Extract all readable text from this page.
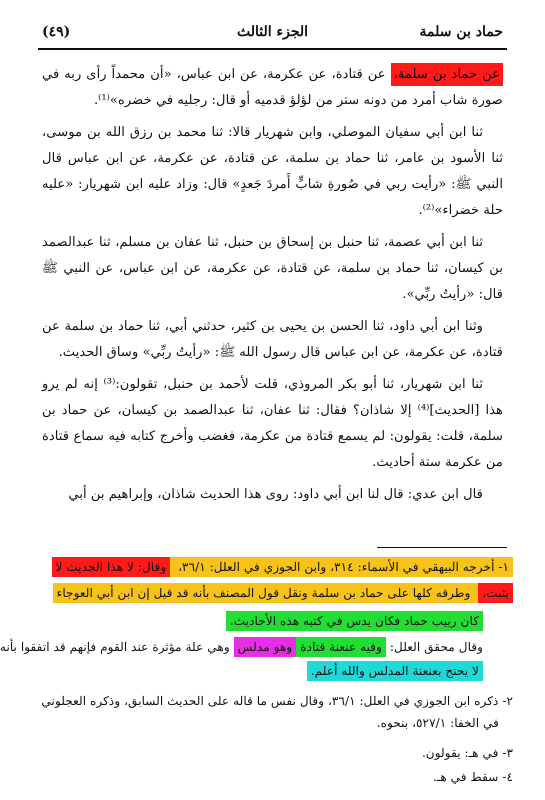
حماد بن سلمة
الجزء الثالث
(٤٩)

عن حماد بن سلمة، عن قتادة، عن عكرمة، عن ابن عباس، «أن محمداً رأى ربه في صورة شاب أمرد من دونه ستر من لؤلؤ قدميه أو قال: رجليه في خضره»⁽¹⁾.

ثنا ابن أبي سفيان الموصلي، وابن شهريار قالا: ثنا محمد بن رزق الله بن موسى، ثنا الأسود بن عامر، ثنا حماد بن سلمة، عن قتادة، عن عكرمة، عن ابن عباس قال النبي ﷺ: «رأيت ربي في صُورةِ شابٍّ أَمردَ جَعدٍ» قال: وزاد عليه ابن شهريار: «عليه حلة خضراء»⁽²⁾.

ثنا ابن أبي عصمة، ثنا حنبل بن إسحاق بن حنبل، ثنا عفان بن مسلم، ثنا عبدالصمد بن كيسان، ثنا حماد بن سلمة، عن قتادة، عن عكرمة، عن ابن عباس، عن النبي ﷺ قال: «رأيتُ ربِّي».

وثنا ابن أبي داود، ثنا الحسن بن يحيى بن كثير، حدثني أبي، ثنا حماد بن سلمة عن قتادة، عن عكرمة، عن ابن عباس قال رسول الله ﷺ: «رأيتُ ربِّي» وساق الحديث.

ثنا ابن شهريار، ثنا أبو بكر المروذي، قلت لأحمد بن حنبل، تقولون:⁽³⁾ إنه لم يرو هذا [الحديث]⁽⁴⁾ إلا شاذان؟ فقال: ثنا عفان، ثنا عبدالصمد بن كيسان، عن حماد بن سلمة، قلت: يقولون: لم يسمع قتادة من عكرمة، فغضب وأخرج كتابه فيه سماع قتادة من عكرمة ستة أحاديث.

قال ابن عدي: قال لنا ابن أبي داود: روى هذا الحديث شاذان، وإبراهيم بن أبي

١- أخرجه البيهقي في الأسماء: ٣١٤، وابن الجوزي في العلل: ٣٦/١، وقال: لا هذا الحديث لا
يثبت، وطرقه كلها على حماد بن سلمة ونقل قول المصنف بأنه قد قيل إن ابن أبي العوجاء
كان ربيب حماد فكان يدس في كتبه هذه الأحاديث.
وقال محقق العلل: وفيه عنعنة قتادةوهو مدلس وهي علة مؤثرة عند القوم فإنهم قد اتفقوا بأنه
لا يحتج بعنعنة المدلس والله أعلم.
٢- ذكره ابن الجوزي في العلل: ٣٦/١، وقال نفس ما قاله على الحديث السابق، وذكره العجلوني
في الخفا: ٥٢٧/١، بنحوه.
٣- في هـ: يقولون.
٤- سقط في هـ.
